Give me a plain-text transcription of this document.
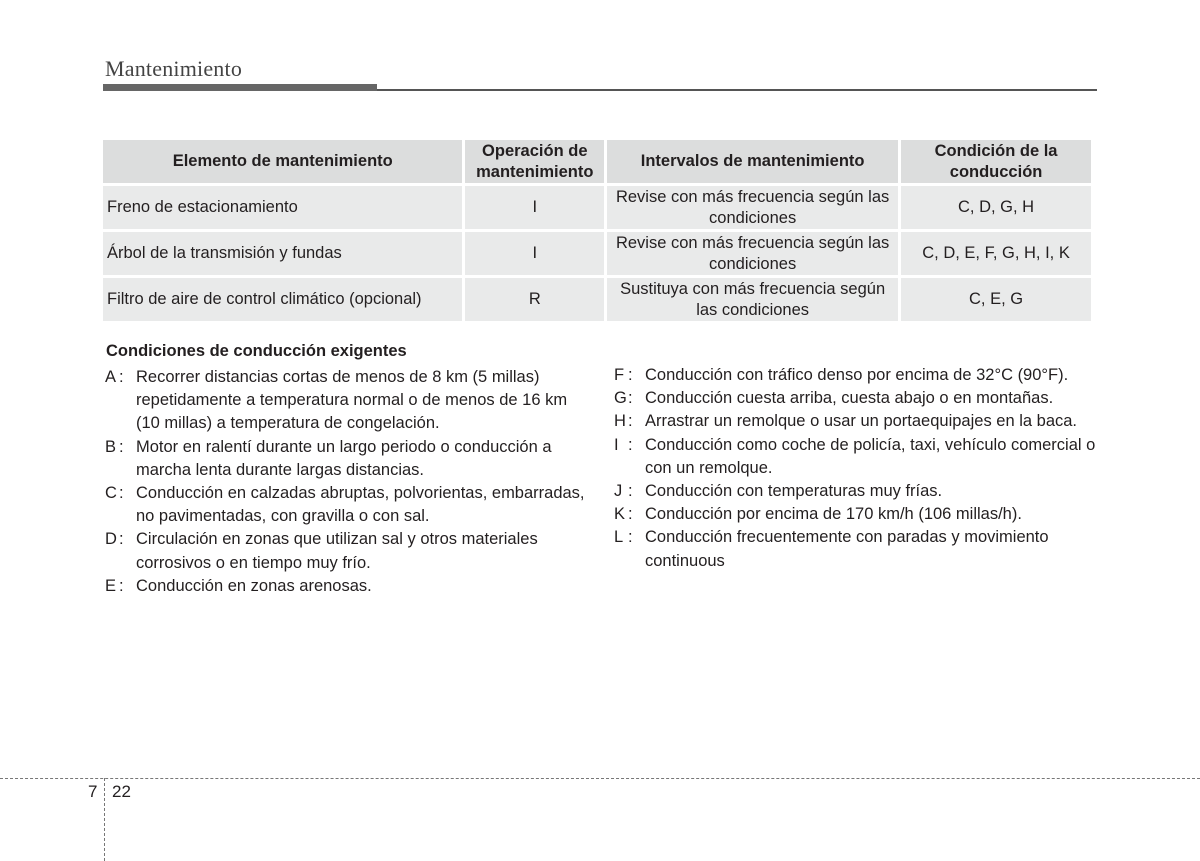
Mantenimiento
Elemento de mantenimiento	Operación de mantenimiento	Intervalos de mantenimiento	Condición de la conducción
Freno de estacionamiento	I	Revise con más frecuencia según las condiciones	C, D, G, H
Árbol de la transmisión y fundas	I	Revise con más frecuencia según las condiciones	C, D, E, F, G, H, I, K
Filtro de aire de control climático (opcional)	R	Sustituya con más frecuencia según las condiciones	C, E, G
Condiciones de conducción exigentes
A : Recorrer distancias cortas de menos de 8 km (5 millas) repetidamente a temperatura normal o de menos de 16 km (10 millas) a temperatura de congelación.
B : Motor en ralentí durante un largo periodo o conducción a marcha lenta durante largas distancias.
C : Conducción en calzadas abruptas, polvorientas, embarradas, no pavimentadas, con gravilla o con sal.
D : Circulación en zonas que utilizan sal y otros materiales corrosivos o en tiempo muy frío.
E : Conducción en zonas arenosas.
F : Conducción con tráfico denso por encima de 32°C (90°F).
G : Conducción cuesta arriba, cuesta abajo o en montañas.
H : Arrastrar un remolque o usar un portaequipajes en la baca.
I : Conducción como coche de policía, taxi, vehículo comercial o con un remolque.
J : Conducción con temperaturas muy frías.
K : Conducción por encima de 170 km/h (106 millas/h).
L : Conducción frecuentemente con paradas y movimiento continuous
7 22
